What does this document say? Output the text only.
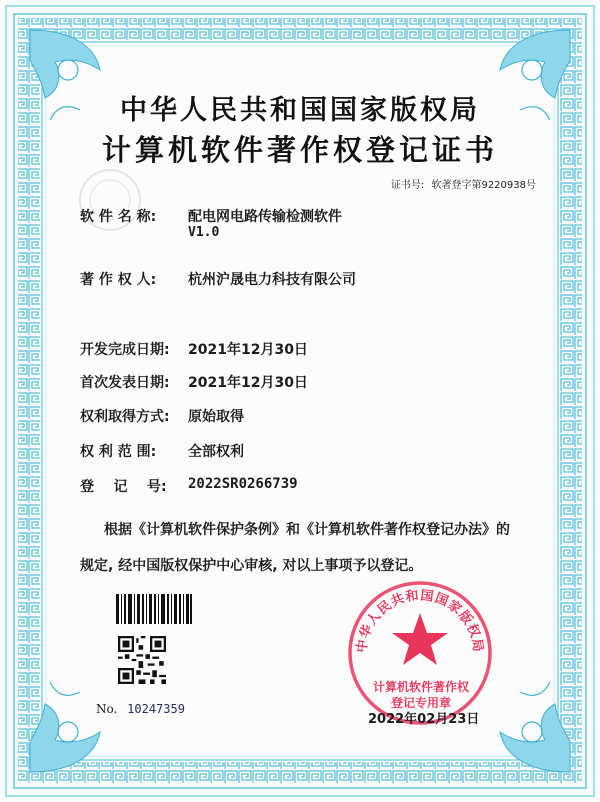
中华人民共和国国家版权局
计算机软件著作权登记证书
证书号: 软著登字第9220938号
软 件 名 称: 配电网电路传输检测软件
V1.0
著 作 权 人: 杭州沪晟电力科技有限公司
开发完成日期: 2021年12月30日
首次发表日期: 2021年12月30日
权利取得方式: 原始取得
权 利 范 围: 全部权利
登    记    号: 2022SR0266739
根据《计算机软件保护条例》和《计算机软件著作权登记办法》的
规定, 经中国版权保护中心审核, 对以上事项予以登记。
No. 10247359
中华人民共和国国家版权局
计算机软件著作权
登记专用章
2022年02月23日
